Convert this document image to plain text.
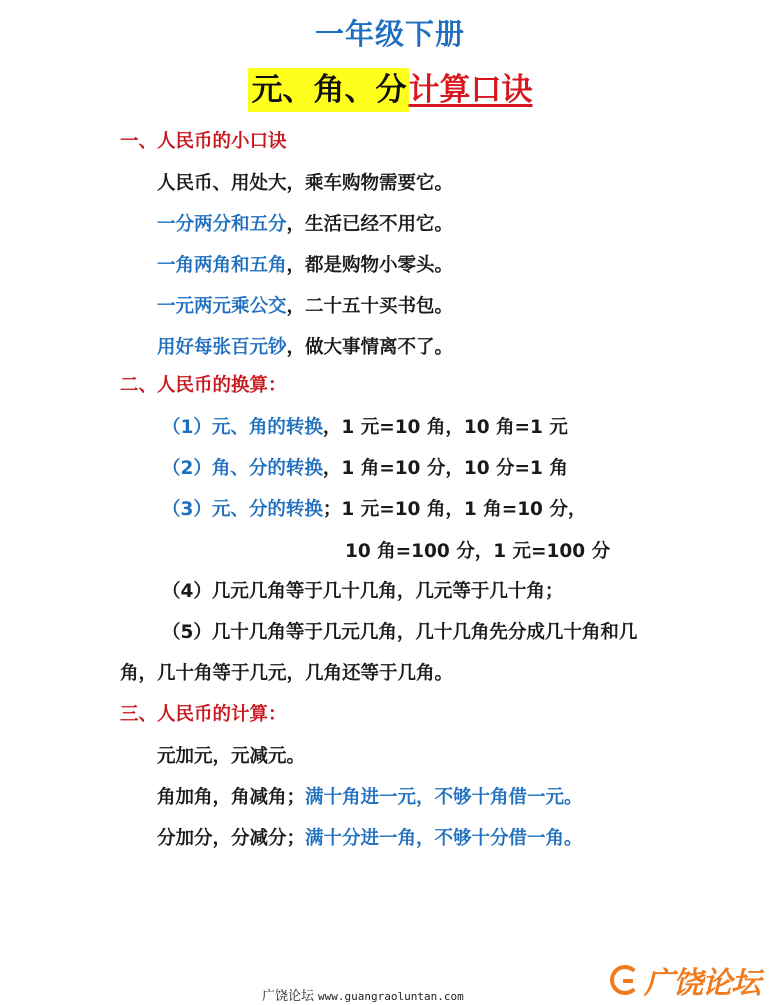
一年级下册
元、角、分计算口诀
一、人民币的小口诀
人民币、用处大，乘车购物需要它。
一分两分和五分，生活已经不用它。
一角两角和五角，都是购物小零头。
一元两元乘公交，二十五十买书包。
用好每张百元钞，做大事情离不了。
二、人民币的换算：
（1）元、角的转换，1 元=10 角，10 角=1 元
（2）角、分的转换，1 角=10 分，10 分=1 角
（3）元、分的转换；1 元=10 角，1 角=10 分，
10 角=100 分，1 元=100 分
（4）几元几角等于几十几角，几元等于几十角；
（5）几十几角等于几元几角，几十几角先分成几十角和几
角，几十角等于几元，几角还等于几角。
三、人民币的计算：
元加元，元减元。
角加角，角减角；满十角进一元，不够十角借一元。
分加分，分减分；满十分进一角，不够十分借一角。
广饶论坛 www.guangraoluntan.com	广饶论坛
